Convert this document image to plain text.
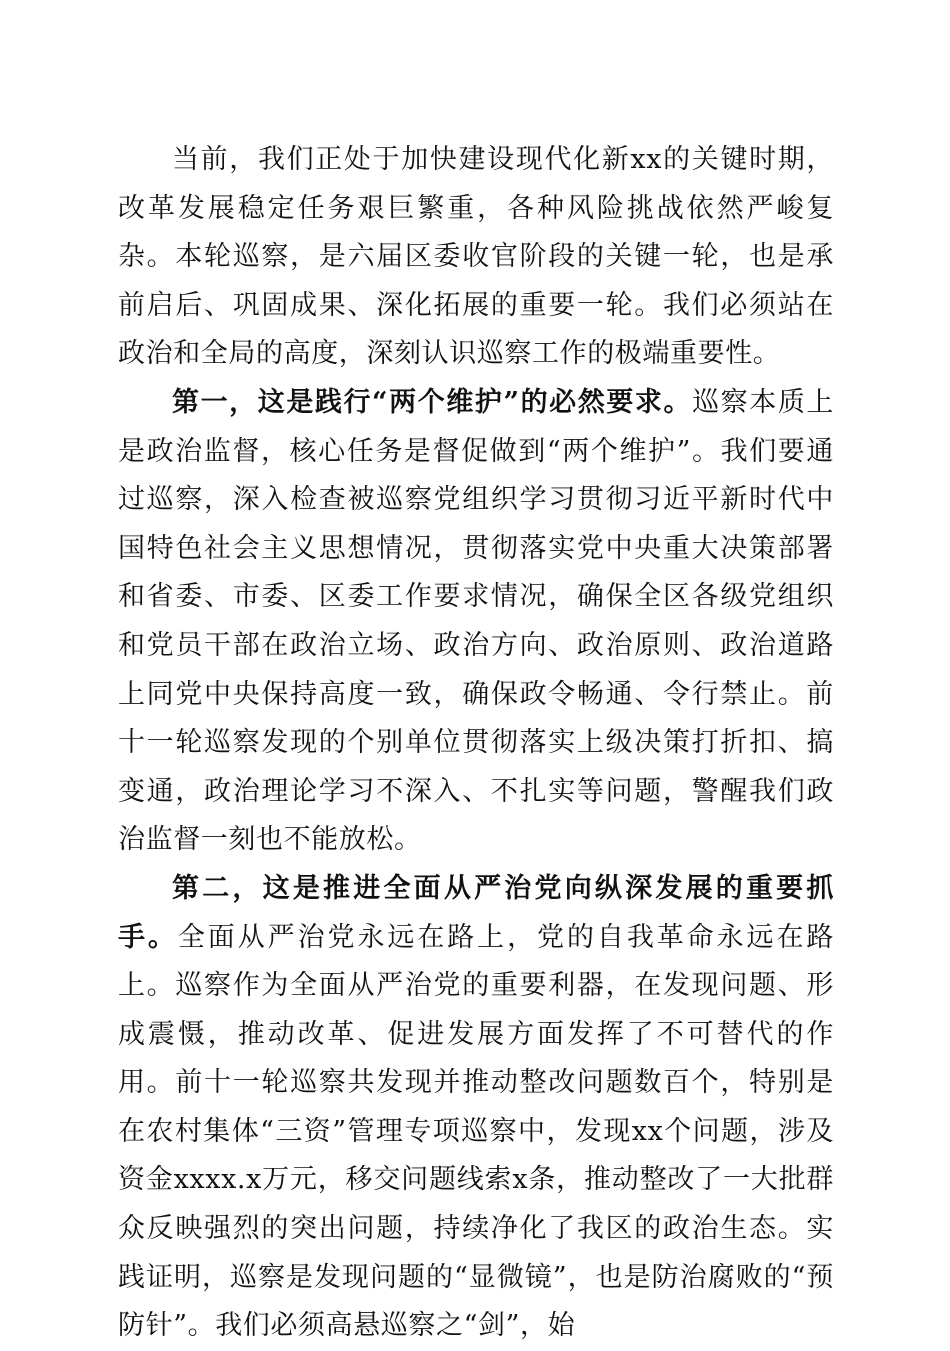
当前，我们正处于加快建设现代化新xx的关键时期，改革发展稳定任务艰巨繁重，各种风险挑战依然严峻复杂。本轮巡察，是六届区委收官阶段的关键一轮，也是承前启后、巩固成果、深化拓展的重要一轮。我们必须站在政治和全局的高度，深刻认识巡察工作的极端重要性。

第一，这是践行“两个维护”的必然要求。巡察本质上是政治监督，核心任务是督促做到“两个维护”。我们要通过巡察，深入检查被巡察党组织学习贯彻习近平新时代中国特色社会主义思想情况，贯彻落实党中央重大决策部署和省委、市委、区委工作要求情况，确保全区各级党组织和党员干部在政治立场、政治方向、政治原则、政治道路上同党中央保持高度一致，确保政令畅通、令行禁止。前十一轮巡察发现的个别单位贯彻落实上级决策打折扣、搞变通，政治理论学习不深入、不扎实等问题，警醒我们政治监督一刻也不能放松。

第二，这是推进全面从严治党向纵深发展的重要抓手。全面从严治党永远在路上，党的自我革命永远在路上。巡察作为全面从严治党的重要利器，在发现问题、形成震慑，推动改革、促进发展方面发挥了不可替代的作用。前十一轮巡察共发现并推动整改问题数百个，特别是在农村集体“三资”管理专项巡察中，发现xx个问题，涉及资金xxxx.x万元，移交问题线索x条，推动整改了一大批群众反映强烈的突出问题，持续净化了我区的政治生态。实践证明，巡察是发现问题的“显微镜”，也是防治腐败的“预防针”。我们必须高悬巡察之“剑”，始
